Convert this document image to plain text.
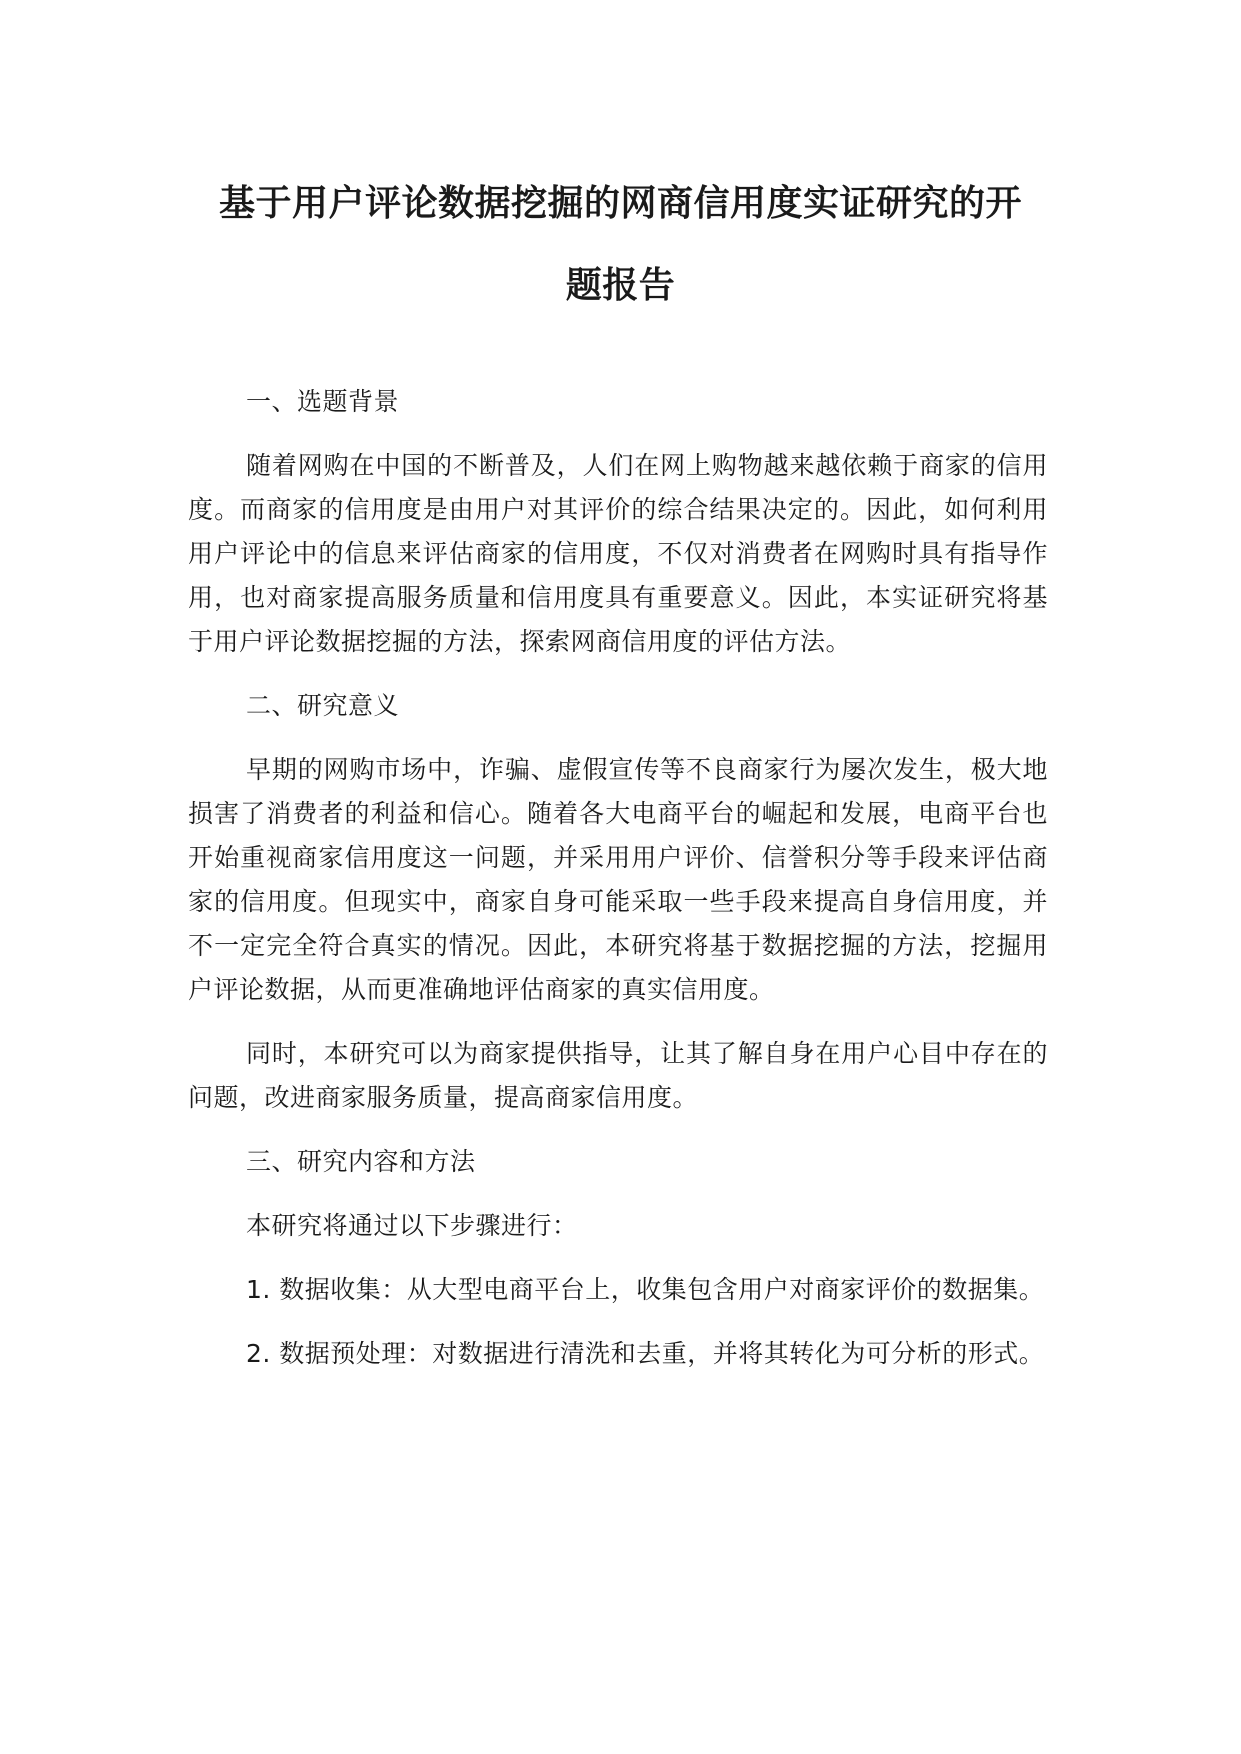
基于用户评论数据挖掘的网商信用度实证研究的开
题报告

一、选题背景

随着网购在中国的不断普及，人们在网上购物越来越依赖于商家的信用度。而商家的信用度是由用户对其评价的综合结果决定的。因此，如何利用用户评论中的信息来评估商家的信用度，不仅对消费者在网购时具有指导作用，也对商家提高服务质量和信用度具有重要意义。因此，本实证研究将基于用户评论数据挖掘的方法，探索网商信用度的评估方法。

二、研究意义

早期的网购市场中，诈骗、虚假宣传等不良商家行为屡次发生，极大地损害了消费者的利益和信心。随着各大电商平台的崛起和发展，电商平台也开始重视商家信用度这一问题，并采用用户评价、信誉积分等手段来评估商家的信用度。但现实中，商家自身可能采取一些手段来提高自身信用度，并不一定完全符合真实的情况。因此，本研究将基于数据挖掘的方法，挖掘用户评论数据，从而更准确地评估商家的真实信用度。

同时，本研究可以为商家提供指导，让其了解自身在用户心目中存在的问题，改进商家服务质量，提高商家信用度。

三、研究内容和方法

本研究将通过以下步骤进行：

1. 数据收集：从大型电商平台上，收集包含用户对商家评价的数据集。

2. 数据预处理：对数据进行清洗和去重，并将其转化为可分析的形式。
